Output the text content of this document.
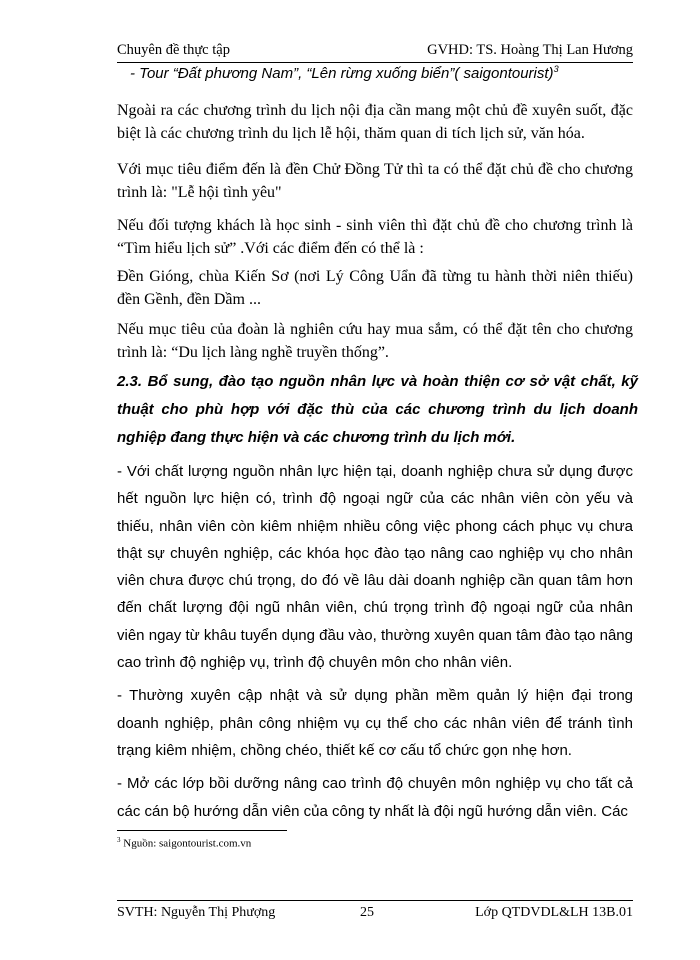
Chuyên đề thực tập	GVHD: TS. Hoàng Thị Lan Hương
- Tour “Đất phương Nam”, “Lên rừng xuống biển”( saigontourist)$^3$

Ngoài ra các chương trình du lịch nội địa cần mang một chủ đề xuyên suốt, đặc biệt là các chương trình du lịch lễ hội, thăm quan di tích lịch sử, văn hóa.

Với mục tiêu điểm đến là đền Chử Đồng Tử thì ta có thể đặt chủ đề cho chương trình là: "Lễ hội tình yêu"

Nếu đối tượng khách là học sinh - sinh viên thì đặt chủ đề cho chương trình là “Tìm hiểu lịch sử” .Với các điểm đến có thể là :

Đền Gióng, chùa Kiến Sơ (nơi Lý Công Uẩn đã từng tu hành thời niên thiếu) đền Gềnh, đền Dầm ...

Nếu mục tiêu của đoàn là nghiên cứu hay mua sắm, có thể đặt tên cho chương trình là: “Du lịch làng nghề truyền thống”.

2.3. Bổ sung, đào tạo nguồn nhân lực và hoàn thiện cơ sở vật chất, kỹ thuật cho phù hợp với đặc thù của các chương trình du lịch doanh nghiệp đang thực hiện và các chương trình du lịch mới.

- Với chất lượng nguồn nhân lực hiện tại, doanh nghiệp chưa sử dụng được hết nguồn lực hiện có, trình độ ngoại ngữ của các nhân viên còn yếu và thiếu, nhân viên còn kiêm nhiệm nhiều công việc phong cách phục vụ chưa thật sự chuyên nghiệp, các khóa học đào tạo nâng cao nghiệp vụ cho nhân viên chưa được chú trọng, do đó về lâu dài doanh nghiệp cần quan tâm hơn đến chất lượng đội ngũ nhân viên, chú trọng trình độ ngoại ngữ của nhân viên ngay từ khâu tuyển dụng đầu vào, thường xuyên quan tâm đào tạo nâng cao trình độ nghiệp vụ, trình độ chuyên môn cho nhân viên.

- Thường xuyên cập nhật và sử dụng phần mềm quản lý hiện đại trong doanh nghiệp, phân công nhiệm vụ cụ thể cho các nhân viên để tránh tình trạng kiêm nhiệm, chồng chéo, thiết kế cơ cấu tổ chức gọn nhẹ hơn.

- Mở các lớp bồi dưỡng nâng cao trình độ chuyên môn nghiệp vụ cho tất cả các cán bộ hướng dẫn viên của công ty nhất là đội ngũ hướng dẫn viên. Các

$^3$ Nguồn: saigontourist.com.vn
SVTH: Nguyễn Thị Phượng	25	Lớp QTDVDL&LH 13B.01
